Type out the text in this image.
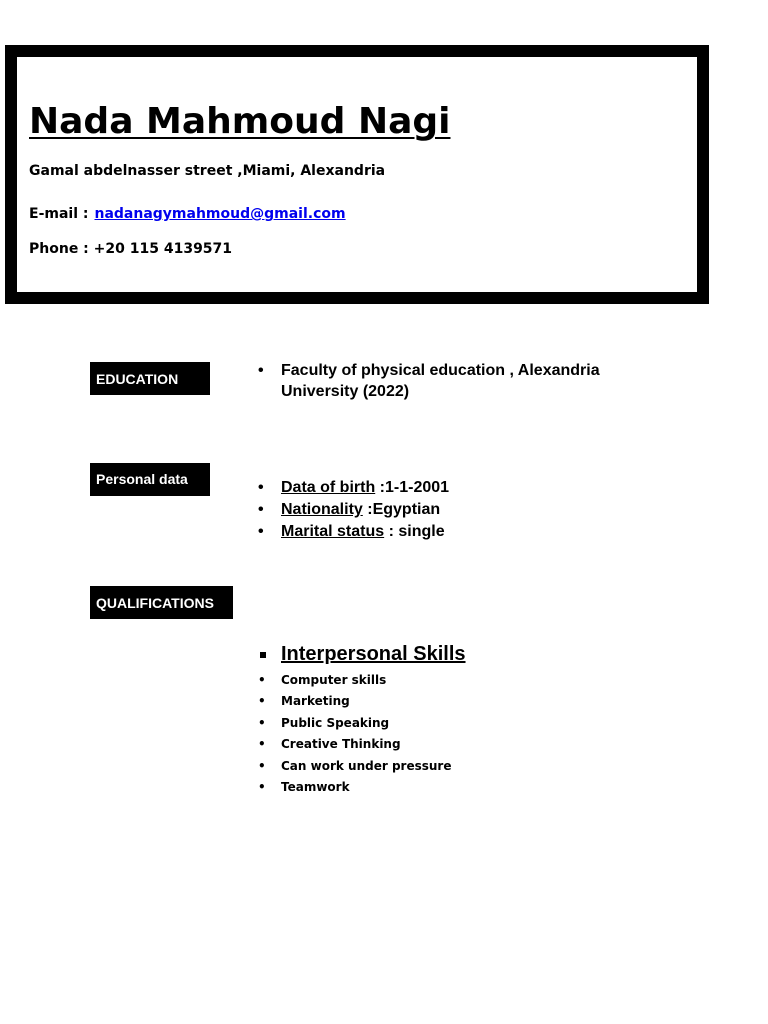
Nada Mahmoud Nagi

Gamal abdelnasser street ,Miami, Alexandria

E-mail : nadanagymahmoud@gmail.com

Phone : +20 115 4139571

EDUCATION	• Faculty of physical education , Alexandria University (2022)
Personal data	• Data of birth :1-1-2001
• Nationality :Egyptian
• Marital status : single
QUALIFICATIONS

Interpersonal Skills

• Computer skills
• Marketing
• Public Speaking
• Creative Thinking
• Can work under pressure
• Teamwork
